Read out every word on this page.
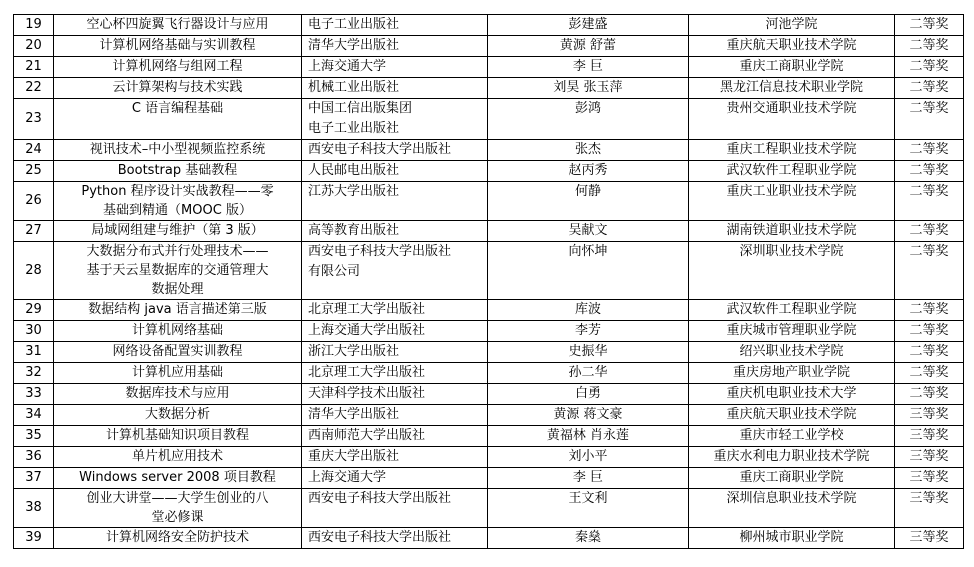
19	空心杯四旋翼飞行器设计与应用	电子工业出版社	彭建盛	河池学院	二等奖
20	计算机网络基础与实训教程	清华大学出版社	黄源 舒蕾	重庆航天职业技术学院	二等奖
21	计算机网络与组网工程	上海交通大学	李 巨	重庆工商职业学院	二等奖
22	云计算架构与技术实践	机械工业出版社	刘昊 张玉萍	黑龙江信息技术职业学院	二等奖
23	C 语言编程基础	中国工信出版集团
电子工业出版社	彭鸿	贵州交通职业技术学院	二等奖
24	视讯技术–中小型视频监控系统	西安电子科技大学出版社	张杰	重庆工程职业技术学院	二等奖
25	Bootstrap 基础教程	人民邮电出版社	赵丙秀	武汉软件工程职业学院	二等奖
26	Python 程序设计实战教程——零
基础到精通（MOOC 版）	江苏大学出版社	何静	重庆工业职业技术学院	二等奖
27	局域网组建与维护（第 3 版）	高等教育出版社	吴献文	湖南铁道职业技术学院	二等奖
28	大数据分布式并行处理技术——
基于天云星数据库的交通管理大
数据处理	西安电子科技大学出版社
有限公司	向怀坤	深圳职业技术学院	二等奖
29	数据结构 java 语言描述第三版	北京理工大学出版社	库波	武汉软件工程职业学院	二等奖
30	计算机网络基础	上海交通大学出版社	李芳	重庆城市管理职业学院	二等奖
31	网络设备配置实训教程	浙江大学出版社	史振华	绍兴职业技术学院	二等奖
32	计算机应用基础	北京理工大学出版社	孙二华	重庆房地产职业学院	二等奖
33	数据库技术与应用	天津科学技术出版社	白勇	重庆机电职业技术大学	二等奖
34	大数据分析	清华大学出版社	黄源 蒋文豪	重庆航天职业技术学院	三等奖
35	计算机基础知识项目教程	西南师范大学出版社	黄福林 肖永莲	重庆市轻工业学校	三等奖
36	单片机应用技术	重庆大学出版社	刘小平	重庆水利电力职业技术学院	三等奖
37	Windows server 2008 项目教程	上海交通大学	李 巨	重庆工商职业学院	三等奖
38	创业大讲堂——大学生创业的八
堂必修课	西安电子科技大学出版社	王文利	深圳信息职业技术学院	三等奖
39	计算机网络安全防护技术	西安电子科技大学出版社	秦燊	柳州城市职业学院	三等奖
